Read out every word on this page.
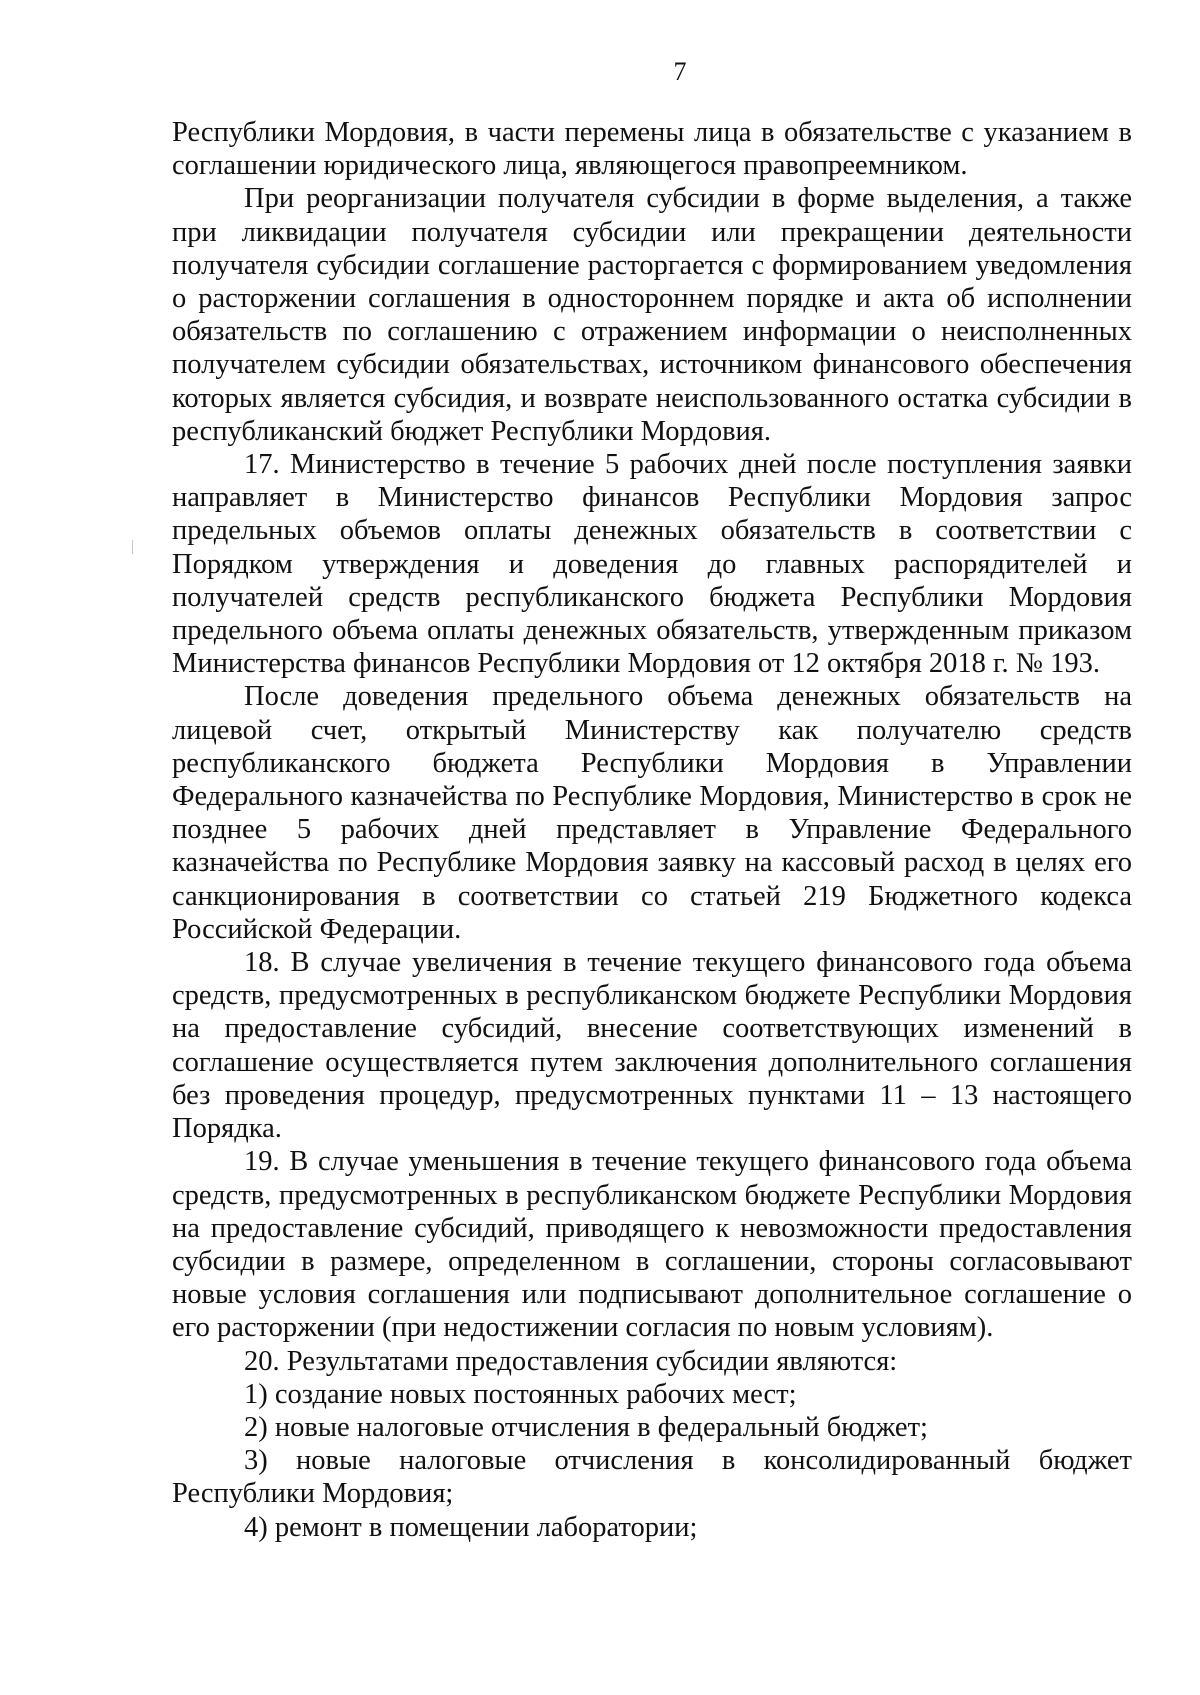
7

Республики Мордовия, в части перемены лица в обязательстве с указанием в соглашении юридического лица, являющегося правопреемником.

При реорганизации получателя субсидии в форме выделения, а также при ликвидации получателя субсидии или прекращении деятельности получателя субсидии соглашение расторгается с формированием уведомления о расторжении соглашения в одностороннем порядке и акта об исполнении обязательств по соглашению с отражением информации о неисполненных получателем субсидии обязательствах, источником финансового обеспечения которых является субсидия, и возврате неиспользованного остатка субсидии в республиканский бюджет Республики Мордовия.

17. Министерство в течение 5 рабочих дней после поступления заявки направляет в Министерство финансов Республики Мордовия запрос предельных объемов оплаты денежных обязательств в соответствии с Порядком утверждения и доведения до главных распорядителей и получателей средств республиканского бюджета Республики Мордовия предельного объема оплаты денежных обязательств, утвержденным приказом Министерства финансов Республики Мордовия от 12 октября 2018 г. № 193.

После доведения предельного объема денежных обязательств на лицевой счет, открытый Министерству как получателю средств республиканского бюджета Республики Мордовия в Управлении Федерального казначейства по Республике Мордовия, Министерство в срок не позднее 5 рабочих дней представляет в Управление Федерального казначейства по Республике Мордовия заявку на кассовый расход в целях его санкционирования в соответствии со статьей 219 Бюджетного кодекса Российской Федерации.

18. В случае увеличения в течение текущего финансового года объема средств, предусмотренных в республиканском бюджете Республики Мордовия на предоставление субсидий, внесение соответствующих изменений в соглашение осуществляется путем заключения дополнительного соглашения без проведения процедур, предусмотренных пунктами 11 – 13 настоящего Порядка.

19. В случае уменьшения в течение текущего финансового года объема средств, предусмотренных в республиканском бюджете Республики Мордовия на предоставление субсидий, приводящего к невозможности предоставления субсидии в размере, определенном в соглашении, стороны согласовывают новые условия соглашения или подписывают дополнительное соглашение о его расторжении (при недостижении согласия по новым условиям).

20. Результатами предоставления субсидии являются:

1) создание новых постоянных рабочих мест;

2) новые налоговые отчисления в федеральный бюджет;

3) новые налоговые отчисления в консолидированный бюджет Республики Мордовия;

4) ремонт в помещении лаборатории;
